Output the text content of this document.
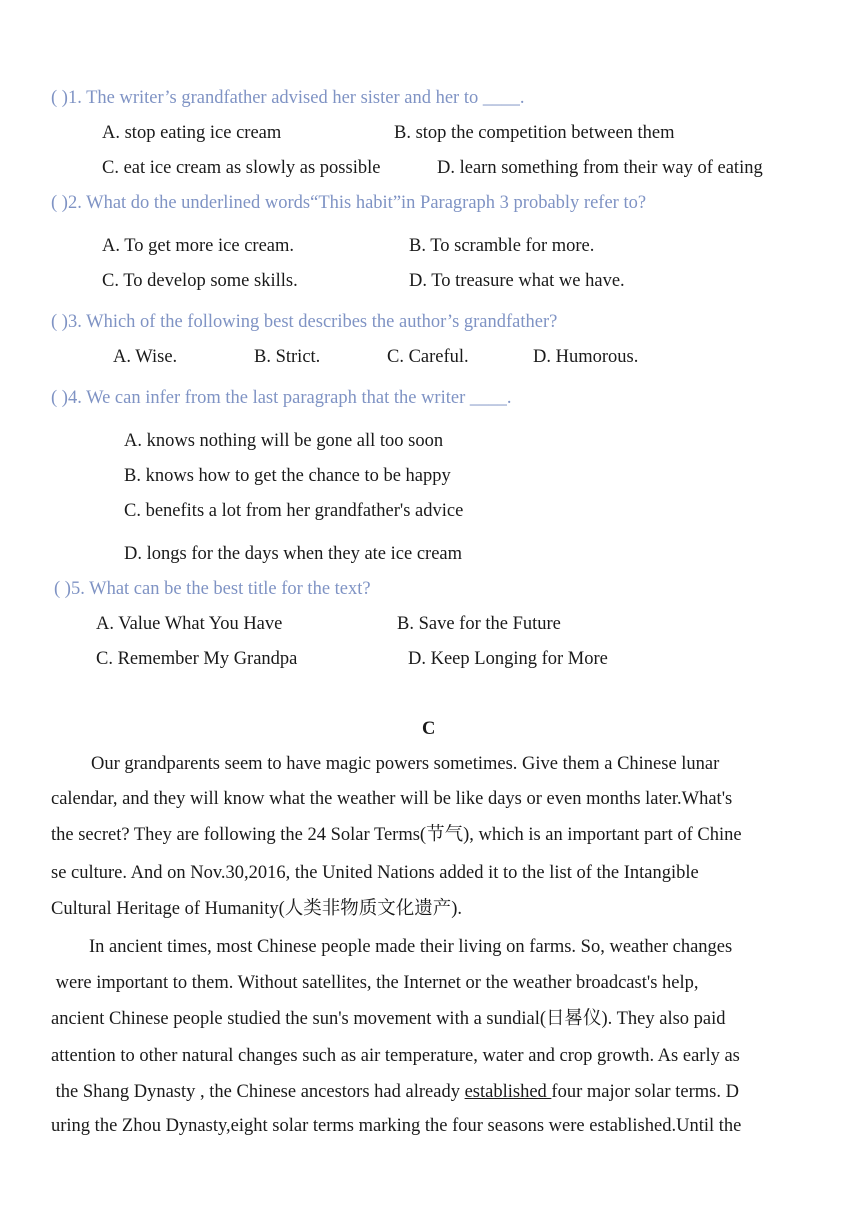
( )1. The writer’s grandfather advised her sister and her to ____.
A. stop eating ice cream	B. stop the competition between them
C. eat ice cream as slowly as possible	D. learn something from their way of eating
( )2. What do the underlined words“This habit”in Paragraph 3 probably refer to?
A. To get more ice cream.	B. To scramble for more.
C. To develop some skills.	D. To treasure what we have.
( )3. Which of the following best describes the author’s grandfather?
A. Wise.	B. Strict.	C. Careful.	D. Humorous.
( )4. We can infer from the last paragraph that the writer ____.
A. knows nothing will be gone all too soon
B. knows how to get the chance to be happy
C. benefits a lot from her grandfather's advice
D. longs for the days when they ate ice cream
( )5. What can be the best title for the text?
A. Value What You Have	B. Save for the Future
C. Remember My Grandpa	D. Keep Longing for More
C
Our grandparents seem to have magic powers sometimes. Give them a Chinese lunar
calendar, and they will know what the weather will be like days or even months later.What's
the secret? They are following the 24 Solar Terms(节气), which is an important part of Chine
se culture. And on Nov.30,2016, the United Nations added it to the list of the Intangible
Cultural Heritage of Humanity(人类非物质文化遗产).
In ancient times, most Chinese people made their living on farms. So, weather changes
were important to them. Without satellites, the Internet or the weather broadcast's help,
ancient Chinese people studied the sun's movement with a sundial(日晷仪). They also paid
attention to other natural changes such as air temperature, water and crop growth. As early as
the Shang Dynasty , the Chinese ancestors had already established four major solar terms. D
uring the Zhou Dynasty,eight solar terms marking the four seasons were established.Until the
